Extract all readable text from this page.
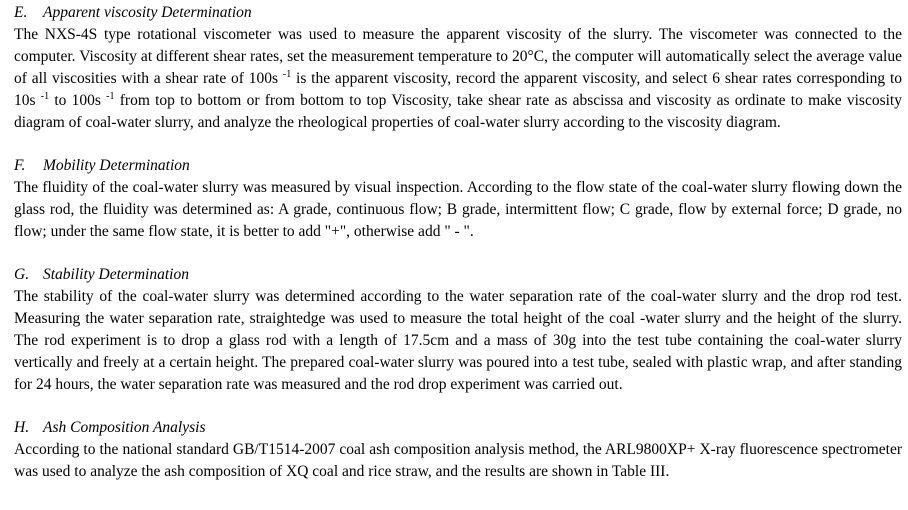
E. Apparent viscosity Determination

The NXS-4S type rotational viscometer was used to measure the apparent viscosity of the slurry. The viscometer was connected to the computer. Viscosity at different shear rates, set the measurement temperature to 20°C, the computer will automatically select the average value of all viscosities with a shear rate of 100s $^{-1}$ is the apparent viscosity, record the apparent viscosity, and select 6 shear rates corresponding to 10s $^{-1}$ to 100s $^{-1}$ from top to bottom or from bottom to top Viscosity, take shear rate as abscissa and viscosity as ordinate to make viscosity diagram of coal-water slurry, and analyze the rheological properties of coal-water slurry according to the viscosity diagram.

F. Mobility Determination

The fluidity of the coal-water slurry was measured by visual inspection. According to the flow state of the coal-water slurry flowing down the glass rod, the fluidity was determined as: A grade, continuous flow; B grade, intermittent flow; C grade, flow by external force; D grade, no flow; under the same flow state, it is better to add "+", otherwise add " - ".

G. Stability Determination

The stability of the coal-water slurry was determined according to the water separation rate of the coal-water slurry and the drop rod test. Measuring the water separation rate, straightedge was used to measure the total height of the coal -water slurry and the height of the slurry. The rod experiment is to drop a glass rod with a length of 17.5cm and a mass of 30g into the test tube containing the coal-water slurry vertically and freely at a certain height. The prepared coal-water slurry was poured into a test tube, sealed with plastic wrap, and after standing for 24 hours, the water separation rate was measured and the rod drop experiment was carried out.

H. Ash Composition Analysis

According to the national standard GB/T1514-2007 coal ash composition analysis method, the ARL9800XP+ X-ray fluorescence spectrometer was used to analyze the ash composition of XQ coal and rice straw, and the results are shown in Table III.
